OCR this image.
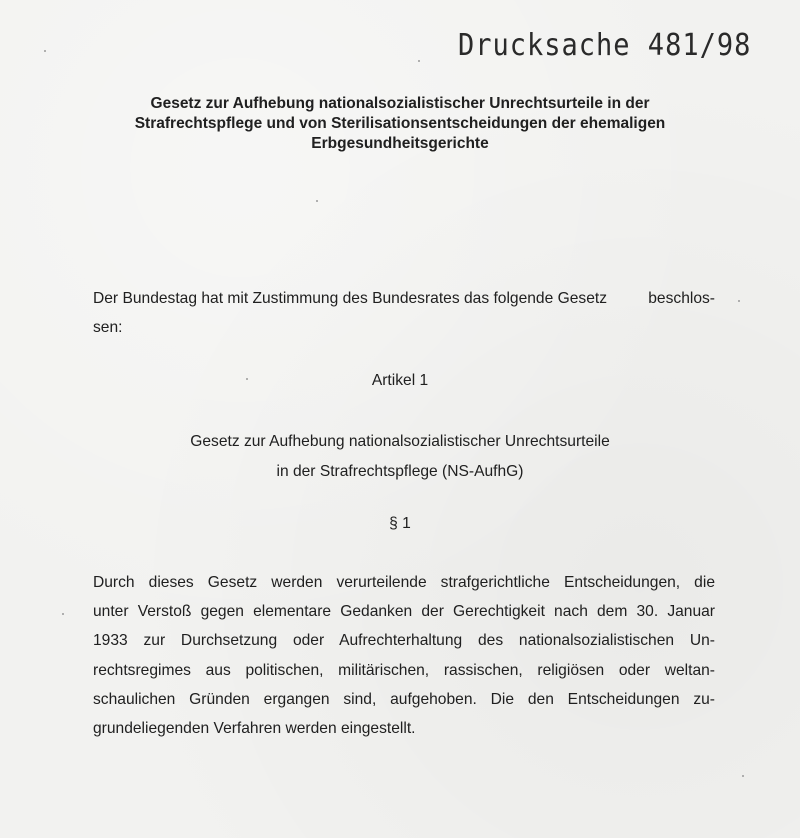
Drucksache 481/98
Gesetz zur Aufhebung nationalsozialistischer Unrechtsurteile in der
Strafrechtspflege und von Sterilisationsentscheidungen der ehemaligen
Erbgesundheitsgerichte
Der Bundestag hat mit Zustimmung des Bundesrates das folgende Gesetz	beschlos-
sen:
Artikel 1
Gesetz zur Aufhebung nationalsozialistischer Unrechtsurteile
in der Strafrechtspflege (NS-AufhG)
§ 1
Durch dieses Gesetz werden verurteilende strafgerichtliche Entscheidungen, die
unter Verstoß gegen elementare Gedanken der Gerechtigkeit nach dem 30. Januar
1933 zur Durchsetzung oder Aufrechterhaltung des nationalsozialistischen Un-
rechtsregimes aus politischen, militärischen, rassischen, religiösen oder weltan-
schaulichen Gründen ergangen sind, aufgehoben. Die den Entscheidungen zu-
grundeliegenden Verfahren werden eingestellt.
